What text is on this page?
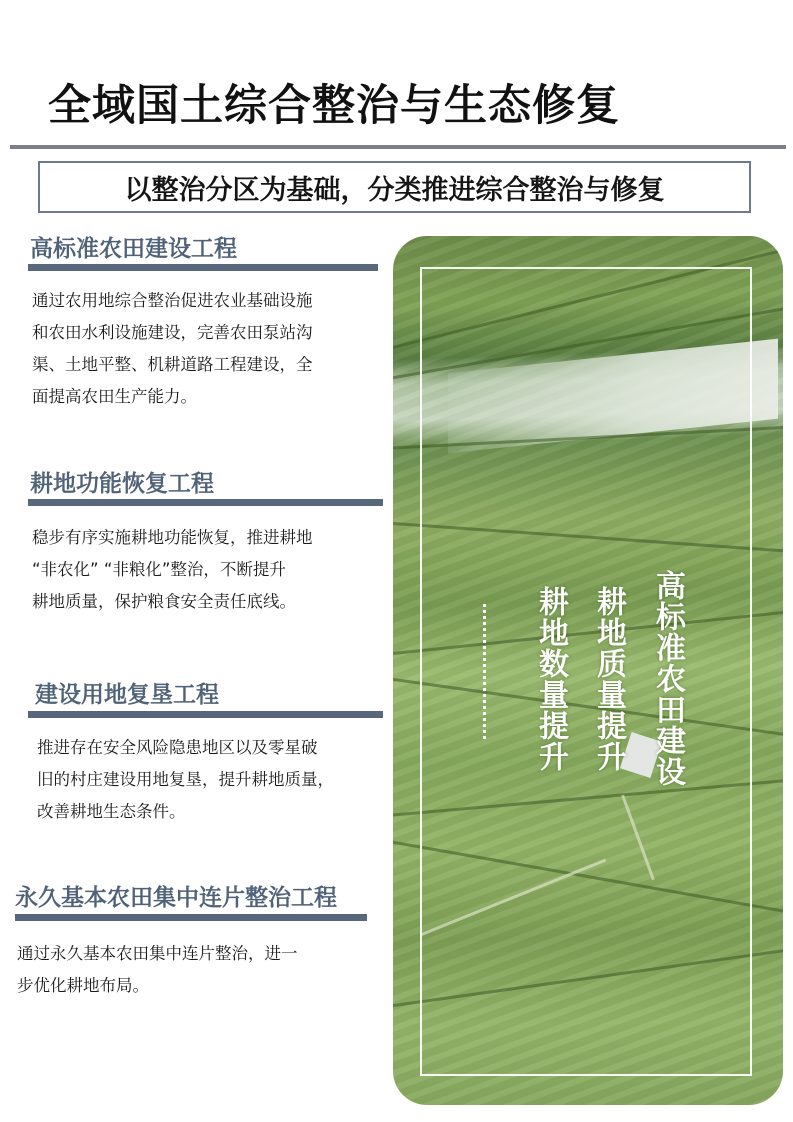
全域国土综合整治与生态修复
以整治分区为基础，分类推进综合整治与修复
高标准农田建设工程

通过农用地综合整治促进农业基础设施
和农田水利设施建设，完善农田泵站沟
渠、土地平整、机耕道路工程建设，全
面提高农田生产能力。

耕地功能恢复工程

稳步有序实施耕地功能恢复，推进耕地
“非农化” “非粮化”整治，不断提升
耕地质量，保护粮食安全责任底线。

建设用地复垦工程

推进存在安全风险隐患地区以及零星破
旧的村庄建设用地复垦，提升耕地质量，
改善耕地生态条件。

永久基本农田集中连片整治工程

通过永久基本农田集中连片整治，进一
步优化耕地布局。

高标准农田建设
耕地质量提升
耕地数量提升
